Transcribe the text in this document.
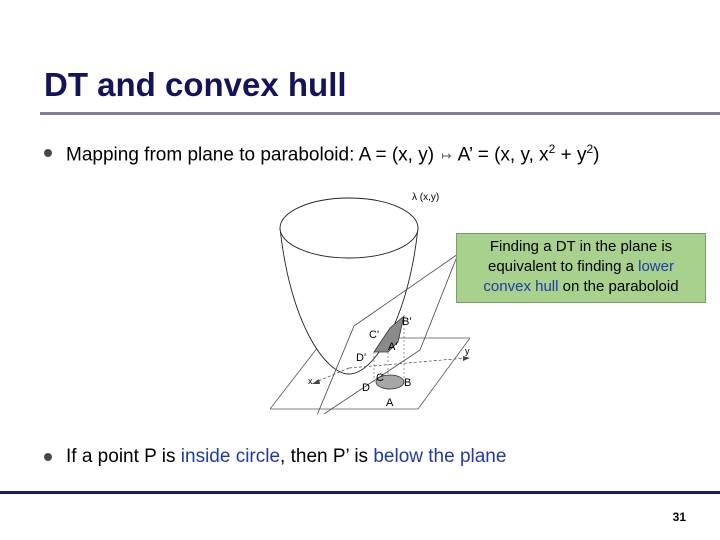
DT and convex hull
Mapping from plane to paraboloid: A = (x, y) ↦ A’ = (x, y, $x^2 + y^2$)
λ (x,y)
y
x
B'
C'
A'
D'
D
C B
A
Finding a DT in the plane is
equivalent to finding a lower
convex hull on the paraboloid
If a point P is inside circle, then P’ is below the plane
31
